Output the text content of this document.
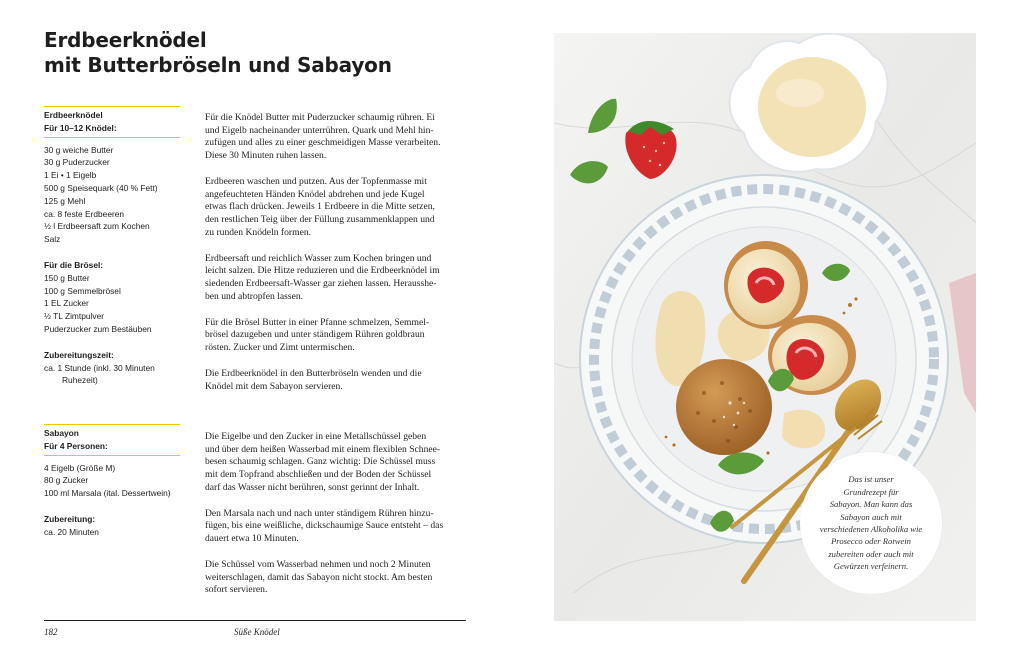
Erdbeerknödel
mit Butterbröseln und Sabayon
Erdbeerknödel
Für 10–12 Knödel:
30 g weiche Butter
30 g Puderzucker
1 Ei • 1 Eigelb
500 g Speisequark (40 % Fett)
125 g Mehl
ca. 8 feste Erdbeeren
½ l Erdbeersaft zum Kochen
Salz
Für die Brösel:
150 g Butter
100 g Semmelbrösel
1 EL Zucker
½ TL Zimtpulver
Puderzucker zum Bestäuben
Zubereitungszeit:
ca. 1 Stunde (inkl. 30 Minuten
Ruhezeit)
Sabayon
Für 4 Personen:
4 Eigelb (Größe M)
80 g Zucker
100 ml Marsala (ital. Dessertwein)
Zubereitung:
ca. 20 Minuten

Für die Knödel Butter mit Puderzucker schaumig rühren. Ei
und Eigelb nacheinander unterrühren. Quark und Mehl hin-
zufügen und alles zu einer geschmeidigen Masse verarbeiten.
Diese 30 Minuten ruhen lassen.

Erdbeeren waschen und putzen. Aus der Topfenmasse mit
angefeuchteten Händen Knödel abdrehen und jede Kugel
etwas flach drücken. Jeweils 1 Erdbeere in die Mitte setzen,
den restlichen Teig über der Füllung zusammenklappen und
zu runden Knödeln formen.

Erdbeersaft und reichlich Wasser zum Kochen bringen und
leicht salzen. Die Hitze reduzieren und die Erdbeerknödel im
siedenden Erdbeersaft-Wasser gar ziehen lassen. Herausshe-
ben und abtropfen lassen.

Für die Brösel Butter in einer Pfanne schmelzen, Semmel-
brösel dazugeben und unter ständigem Rühren goldbraun
rösten. Zucker und Zimt untermischen.

Die Erdbeerknödel in den Butterbröseln wenden und die
Knödel mit dem Sabayon servieren.

Die Eigelbe und den Zucker in eine Metallschüssel geben
und über dem heißen Wasserbad mit einem flexiblen Schnee-
besen schaumig schlagen. Ganz wichtig: Die Schüssel muss
mit dem Topfrand abschließen und der Boden der Schüssel
darf das Wasser nicht berühren, sonst gerinnt der Inhalt.

Den Marsala nach und nach unter ständigem Rühren hinzu-
fügen, bis eine weißliche, dickschaumige Sauce entsteht – das
dauert etwa 10 Minuten.

Die Schüssel vom Wasserbad nehmen und noch 2 Minuten
weiterschlagen, damit das Sabayon nicht stockt. Am besten
sofort servieren.

182	Süße Knödel
Das ist unser
Grundrezept für
Sabayon. Man kann das
Sabayon auch mit
verschiedenen Alkoholika wie
Prosecco oder Rotwein
zubereiten oder auch mit
Gewürzen verfeinern.
